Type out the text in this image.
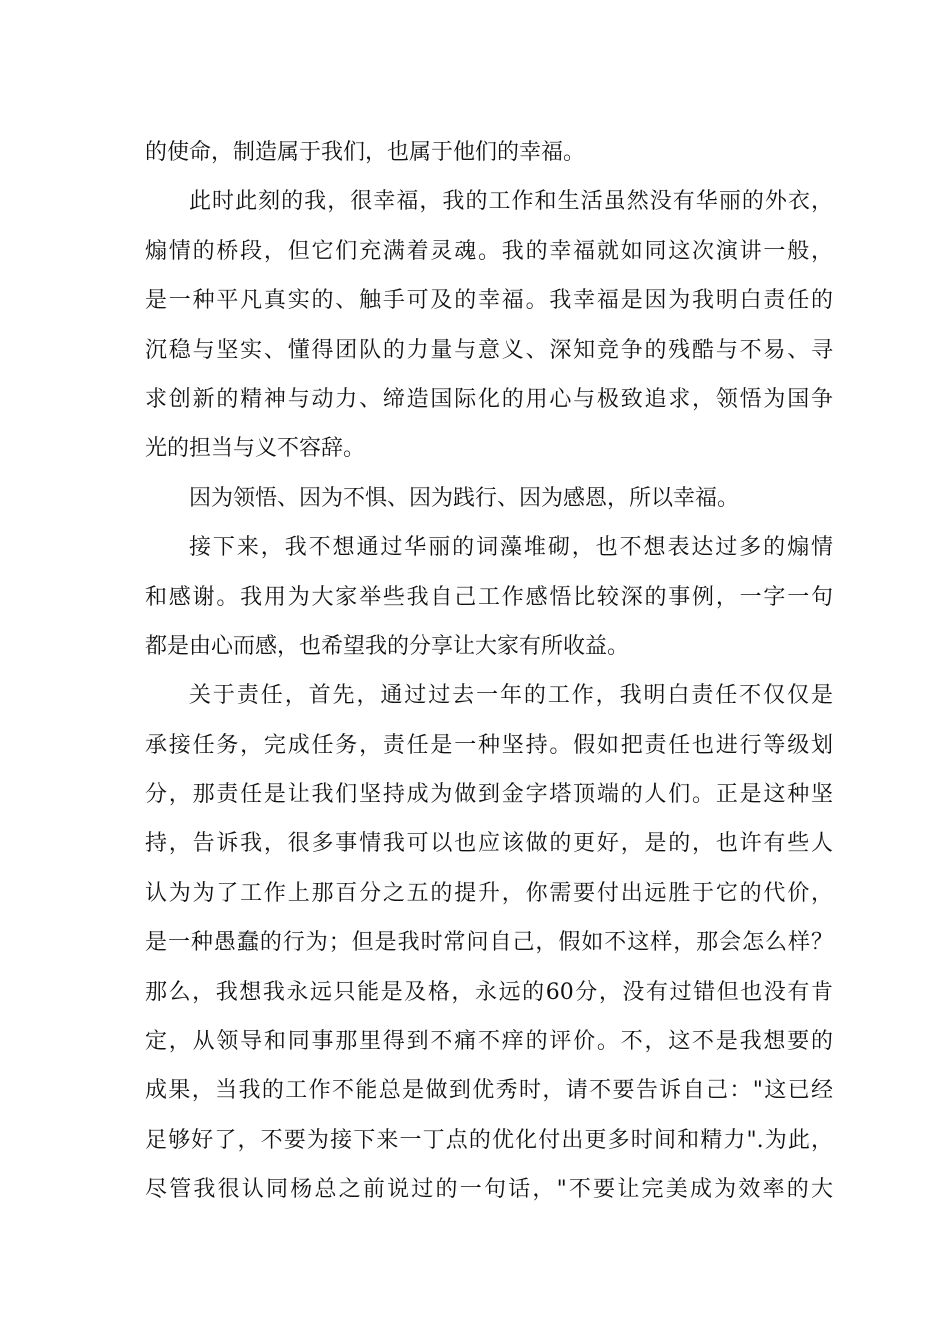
的使命，制造属于我们，也属于他们的幸福。
此时此刻的我，很幸福，我的工作和生活虽然没有华丽的外衣，
煽情的桥段，但它们充满着灵魂。我的幸福就如同这次演讲一般，
是一种平凡真实的、触手可及的幸福。我幸福是因为我明白责任的
沉稳与坚实、懂得团队的力量与意义、深知竞争的残酷与不易、寻
求创新的精神与动力、缔造国际化的用心与极致追求，领悟为国争
光的担当与义不容辞。
因为领悟、因为不惧、因为践行、因为感恩，所以幸福。
接下来，我不想通过华丽的词藻堆砌，也不想表达过多的煽情
和感谢。我用为大家举些我自己工作感悟比较深的事例，一字一句
都是由心而感，也希望我的分享让大家有所收益。
关于责任，首先，通过过去一年的工作，我明白责任不仅仅是
承接任务，完成任务，责任是一种坚持。假如把责任也进行等级划
分，那责任是让我们坚持成为做到金字塔顶端的人们。正是这种坚
持，告诉我，很多事情我可以也应该做的更好，是的，也许有些人
认为为了工作上那百分之五的提升，你需要付出远胜于它的代价，
是一种愚蠢的行为；但是我时常问自己，假如不这样，那会怎么样？
那么，我想我永远只能是及格，永远的60分，没有过错但也没有肯
定，从领导和同事那里得到不痛不痒的评价。不，这不是我想要的
成果，当我的工作不能总是做到优秀时，请不要告诉自己："这已经
足够好了，不要为接下来一丁点的优化付出更多时间和精力".为此，
尽管我很认同杨总之前说过的一句话，"不要让完美成为效率的大
